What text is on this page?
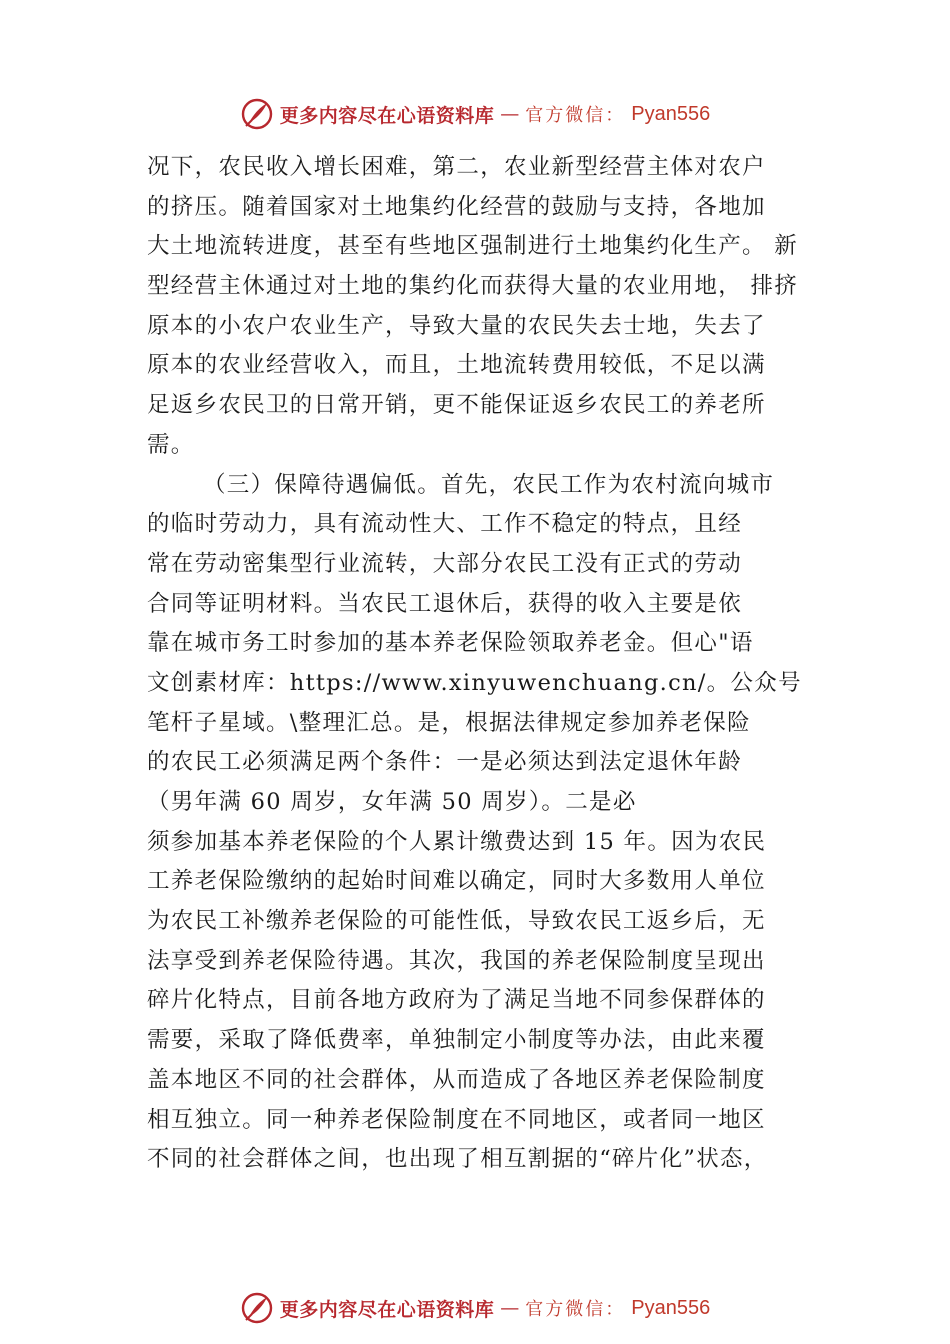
更多内容尽在心语资料库 — 官方微信： Pyan556
况下，农民收入增长困难，第二，农业新型经营主体对农户
的挤压。随着国家对土地集约化经营的鼓励与支持，各地加
大土地流转进度，甚至有些地区强制进行土地集约化生产。 新
型经营主休通过对土地的集约化而获得大量的农业用地， 排挤
原本的小农户农业生产，导致大量的农民失去士地，失去了
原本的农业经营收入，而且，土地流转费用较低，不足以满
足返乡农民卫的日常开销，更不能保证返乡农民工的养老所
需。
（三）保障待遇偏低。首先，农民工作为农村流向城市
的临时劳动力，具有流动性大、工作不稳定的特点，且经
常在劳动密集型行业流转，大部分农民工没有正式的劳动
合同等证明材料。当农民工退休后，获得的收入主要是依
靠在城市务工时参加的基本养老保险领取养老金。但心"语
文创素材库：https://www.xinyuwenchuang.cn/。公众号
笔杆子星域。\整理汇总。是，根据法律规定参加养老保险
的农民工必须满足两个条件：一是必须达到法定退休年龄
（男年满 60 周岁，女年满 50 周岁）。二是必
须参加基本养老保险的个人累计缴费达到 15 年。因为农民
工养老保险缴纳的起始时间难以确定，同时大多数用人单位
为农民工补缴养老保险的可能性低，导致农民工返乡后，无
法享受到养老保险待遇。其次，我国的养老保险制度呈现出
碎片化特点，目前各地方政府为了满足当地不同参保群体的
需要，采取了降低费率，单独制定小制度等办法，由此来覆
盖本地区不同的社会群体，从而造成了各地区养老保险制度
相互独立。同一种养老保险制度在不同地区，或者同一地区
不同的社会群体之间，也出现了相互割据的“碎片化”状态，
更多内容尽在心语资料库 — 官方微信： Pyan556
